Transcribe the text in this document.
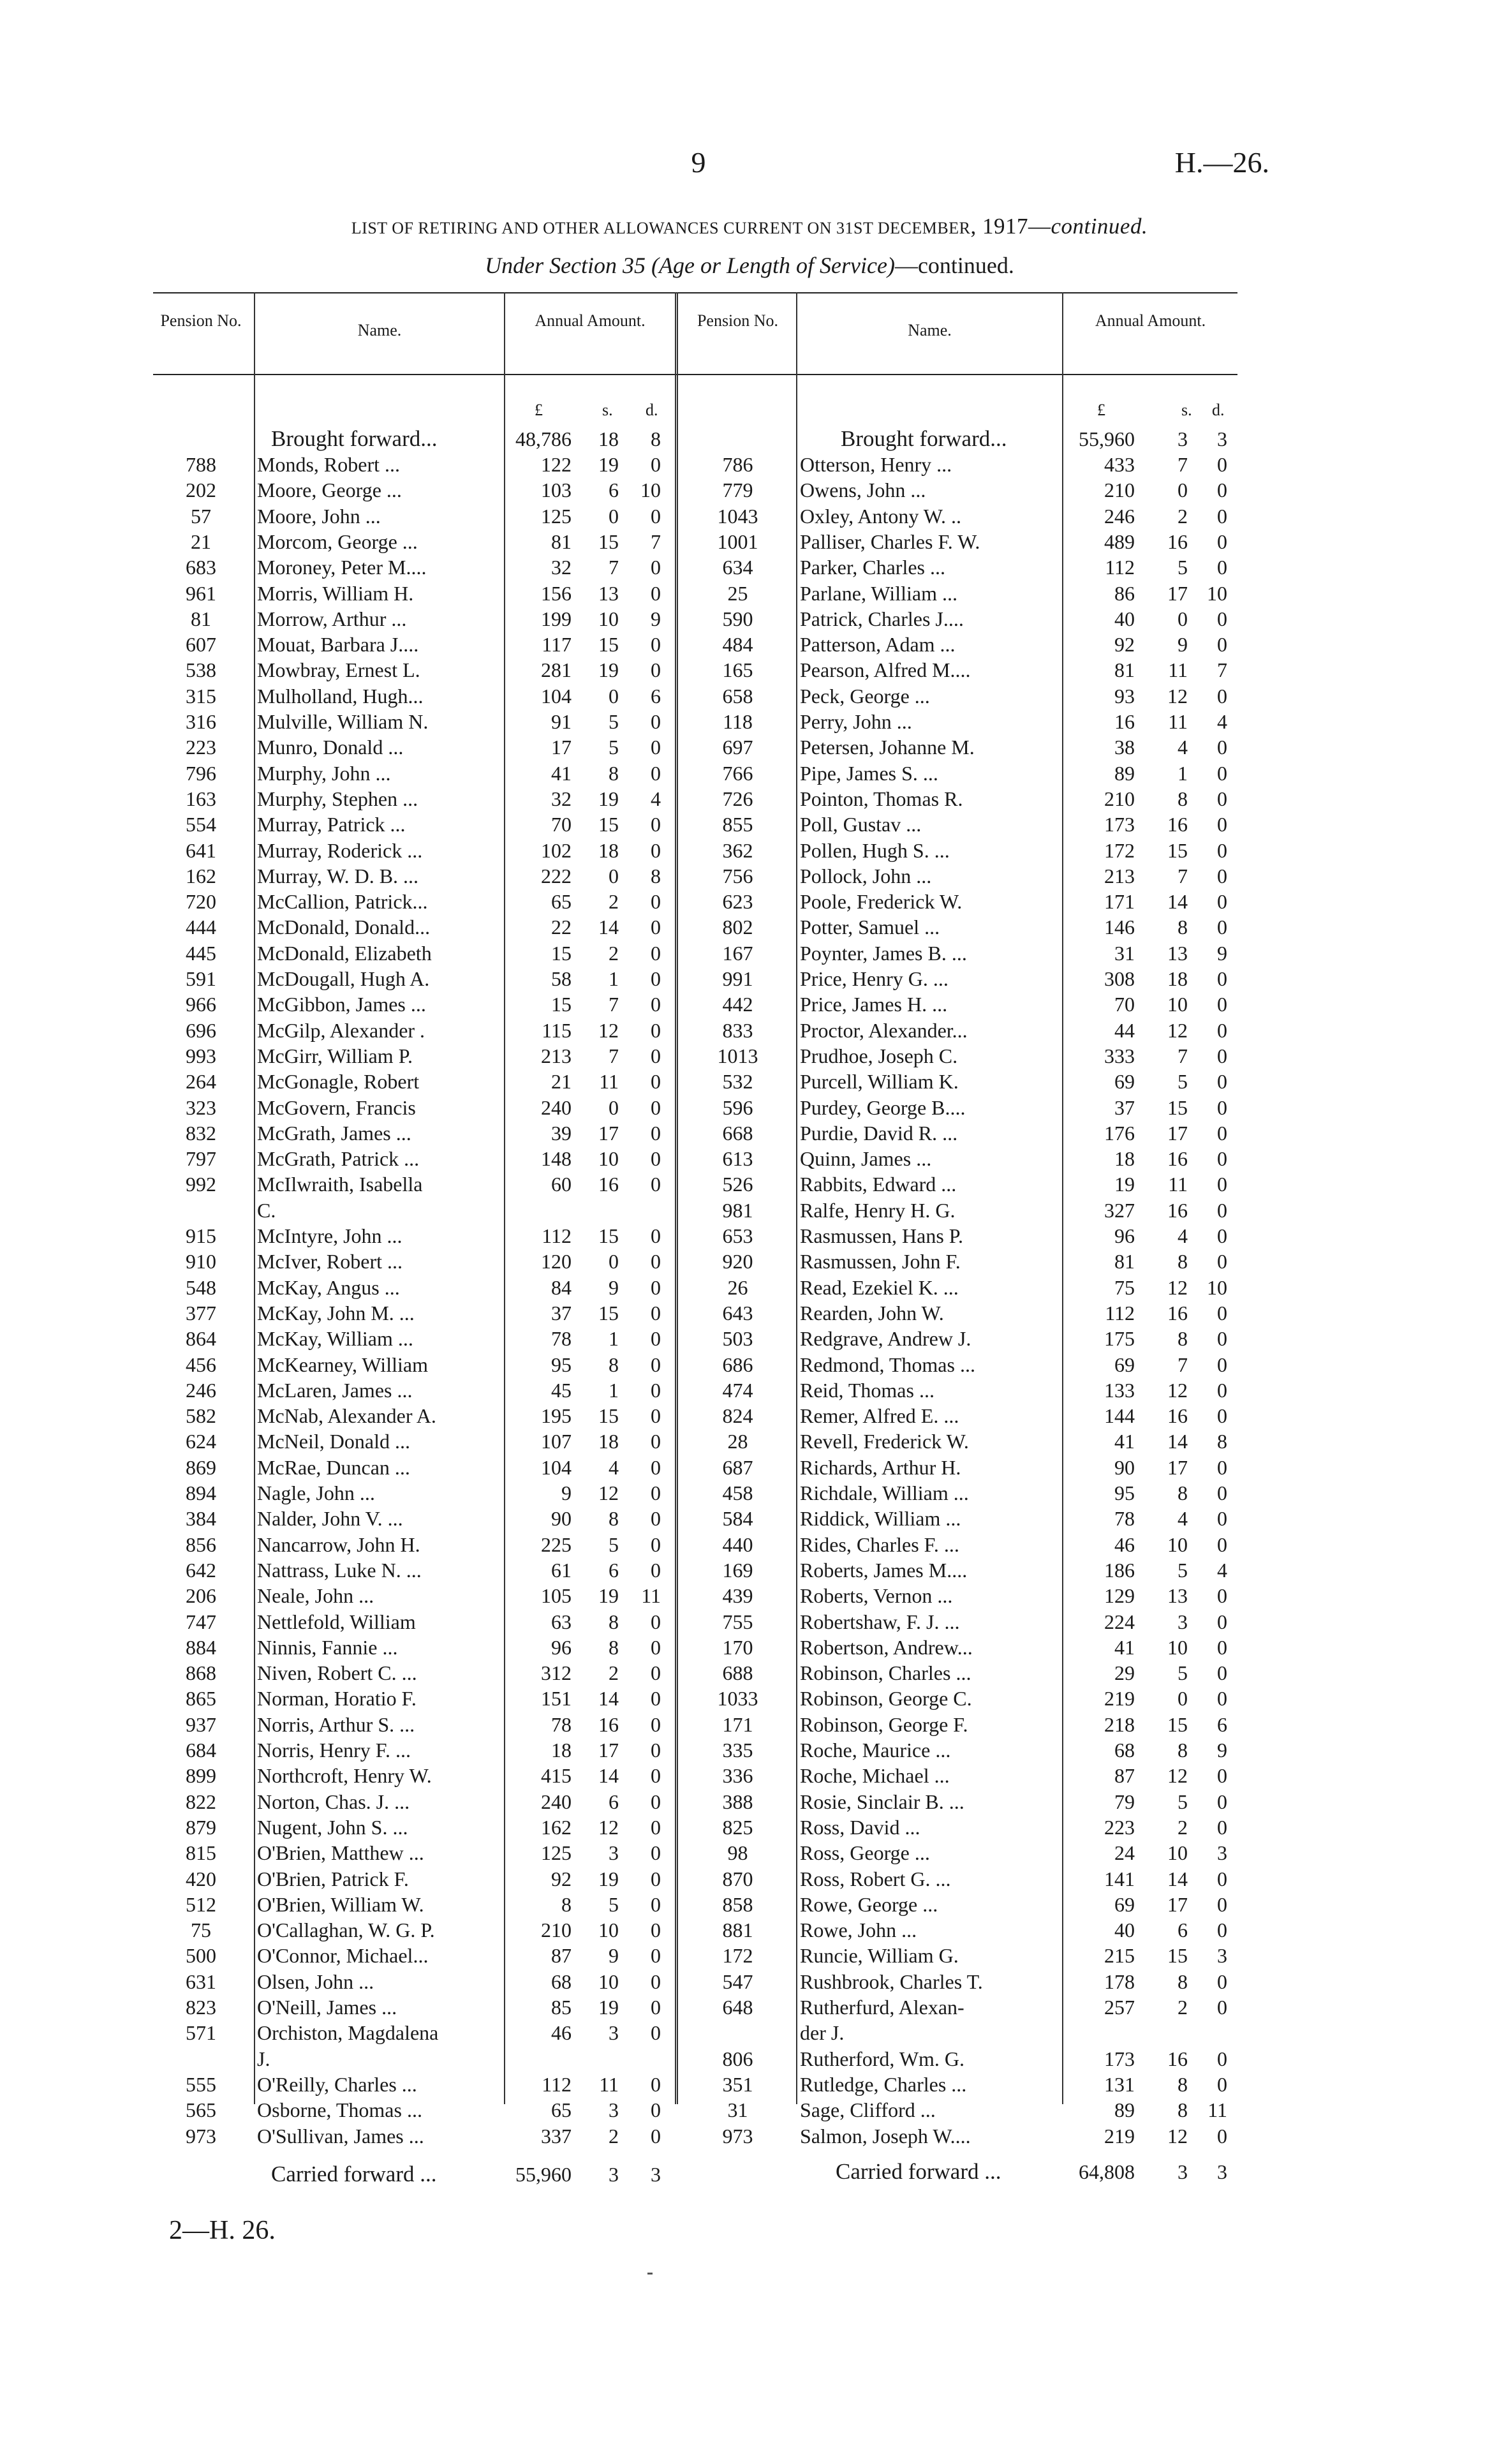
9	H.—26.
LIST OF RETIRING AND OTHER ALLOWANCES CURRENT ON 31ST DECEMBER, 1917—continued.
Under Section 35 (Age or Length of Service)—continued.
Pension No.
Name.
Annual Amount.	Pension No.
Name.
Annual Amount.
£	s. d.	£	s. d.
Brought forward...	48,786	18	8	Brought forward...	55,960	3	3
788	Monds, Robert ...	122	19	0
202	Moore, George ...	103	6	10
57	Moore, John ...	125	0	0
21	Morcom, George ...	81	15	7
683	Moroney, Peter M....	32	7	0
961	Morris, William H.	156	13	0
81	Morrow, Arthur ...	199	10	9
607	Mouat, Barbara J....	117	15	0
538	Mowbray, Ernest L.	281	19	0
315	Mulholland, Hugh...	104	0	6
316	Mulville, William N.	91	5	0
223	Munro, Donald ...	17	5	0
796	Murphy, John ...	41	8	0
163	Murphy, Stephen ...	32	19	4
554	Murray, Patrick ...	70	15	0
641	Murray, Roderick ...	102	18	0
162	Murray, W. D. B. ...	222	0	8
720	McCallion, Patrick...	65	2	0
444	McDonald, Donald...	22	14	0
445	McDonald, Elizabeth	15	2	0
591	McDougall, Hugh A.	58	1	0
966	McGibbon, James ...	15	7	0
696	McGilp, Alexander .	115	12	0
993	McGirr, William P.	213	7	0
264	McGonagle, Robert	21	11	0
323	McGovern, Francis	240	0	0
832	McGrath, James ...	39	17	0
797	McGrath, Patrick ...	148	10	0
992	McIlwraith, Isabella	60	16	0
C.
915	McIntyre, John ...	112	15	0
910	McIver, Robert ...	120	0	0
548	McKay, Angus ...	84	9	0
377	McKay, John M. ...	37	15	0
864	McKay, William ...	78	1	0
456	McKearney, William	95	8	0
246	McLaren, James ...	45	1	0
582	McNab, Alexander A.	195	15	0
624	McNeil, Donald ...	107	18	0
869	McRae, Duncan ...	104	4	0
894	Nagle, John ...	9	12	0
384	Nalder, John V. ...	90	8	0
856	Nancarrow, John H.	225	5	0
642	Nattrass, Luke N. ...	61	6	0
206	Neale, John ...	105	19	11
747	Nettlefold, William	63	8	0
884	Ninnis, Fannie ...	96	8	0
868	Niven, Robert C. ...	312	2	0
865	Norman, Horatio F.	151	14	0
937	Norris, Arthur S. ...	78	16	0
684	Norris, Henry F. ...	18	17	0
899	Northcroft, Henry W.	415	14	0
822	Norton, Chas. J. ...	240	6	0
879	Nugent, John S. ...	162	12	0
815	O'Brien, Matthew ...	125	3	0
420	O'Brien, Patrick F.	92	19	0
512	O'Brien, William W.	8	5	0
75	O'Callaghan, W. G. P.	210	10	0
500	O'Connor, Michael...	87	9	0
631	Olsen, John ...	68	10	0
823	O'Neill, James ...	85	19	0
571	Orchiston, Magdalena	46	3	0
J.
555	O'Reilly, Charles ...	112	11	0
565	Osborne, Thomas ...	65	3	0
973	O'Sullivan, James ...	337	2	0
786	Otterson, Henry ...	433	7	0
779	Owens, John ...	210	0	0
1043	Oxley, Antony W. ..	246	2	0
1001	Palliser, Charles F. W.	489	16	0
634	Parker, Charles ...	112	5	0
25	Parlane, William ...	86	17 10
590	Patrick, Charles J....	40	0	0
484	Patterson, Adam ...	92	9	0
165	Pearson, Alfred M....	81	11	7
658	Peck, George ...	93	12	0
118	Perry, John ...	16	11	4
697	Petersen, Johanne M.	38	4	0
766	Pipe, James S. ...	89	1	0
726	Pointon, Thomas R.	210	8	0
855	Poll, Gustav ...	173	16	0
362	Pollen, Hugh S. ...	172	15	0
756	Pollock, John ...	213	7	0
623	Poole, Frederick W.	171	14	0
802	Potter, Samuel ...	146	8	0
167	Poynter, James B. ...	31	13	9
991	Price, Henry G. ...	308	18	0
442	Price, James H. ...	70	10	0
833	Proctor, Alexander...	44	12	0
1013	Prudhoe, Joseph C.	333	7	0
532	Purcell, William K.	69	5	0
596	Purdey, George B....	37	15	0
668	Purdie, David R. ...	176	17	0
613	Quinn, James ...	18	16	0
526	Rabbits, Edward ...	19	11	0
981	Ralfe, Henry H. G.	327	16	0
653	Rasmussen, Hans P.	96	4	0
920	Rasmussen, John F.	81	8	0
26	Read, Ezekiel K. ...	75	12 10
643	Rearden, John W.	112	16	0
503	Redgrave, Andrew J.	175	8	0
686	Redmond, Thomas ...	69	7	0
474	Reid, Thomas ...	133	12	0
824	Remer, Alfred E. ...	144	16	0
28	Revell, Frederick W.	41	14	8
687	Richards, Arthur H.	90	17	0
458	Richdale, William ...	95	8	0
584	Riddick, William ...	78	4	0
440	Rides, Charles F. ...	46	10	0
169	Roberts, James M....	186	5	4
439	Roberts, Vernon ...	129	13	0
755	Robertshaw, F. J. ...	224	3	0
170	Robertson, Andrew...	41	10	0
688	Robinson, Charles ...	29	5	0
1033	Robinson, George C.	219	0	0
171	Robinson, George F.	218	15	6
335	Roche, Maurice ...	68	8	9
336	Roche, Michael ...	87	12	0
388	Rosie, Sinclair B. ...	79	5	0
825	Ross, David ...	223	2	0
98	Ross, George ...	24	10	3
870	Ross, Robert G. ...	141	14	0
858	Rowe, George ...	69	17	0
881	Rowe, John ...	40	6	0
172	Runcie, William G.	215	15	3
547	Rushbrook, Charles T.	178	8	0
648	Rutherfurd, Alexan-	257	2	0
der J.
806	Rutherford, Wm. G.	173	16	0
351	Rutledge, Charles ...	131	8	0
31	Sage, Clifford ...	89	8 11
973	Salmon, Joseph W....	219	12	0
Carried forward ...	55,960	3	3	Carried forward ...	64,808	3	3
2—H. 26.
